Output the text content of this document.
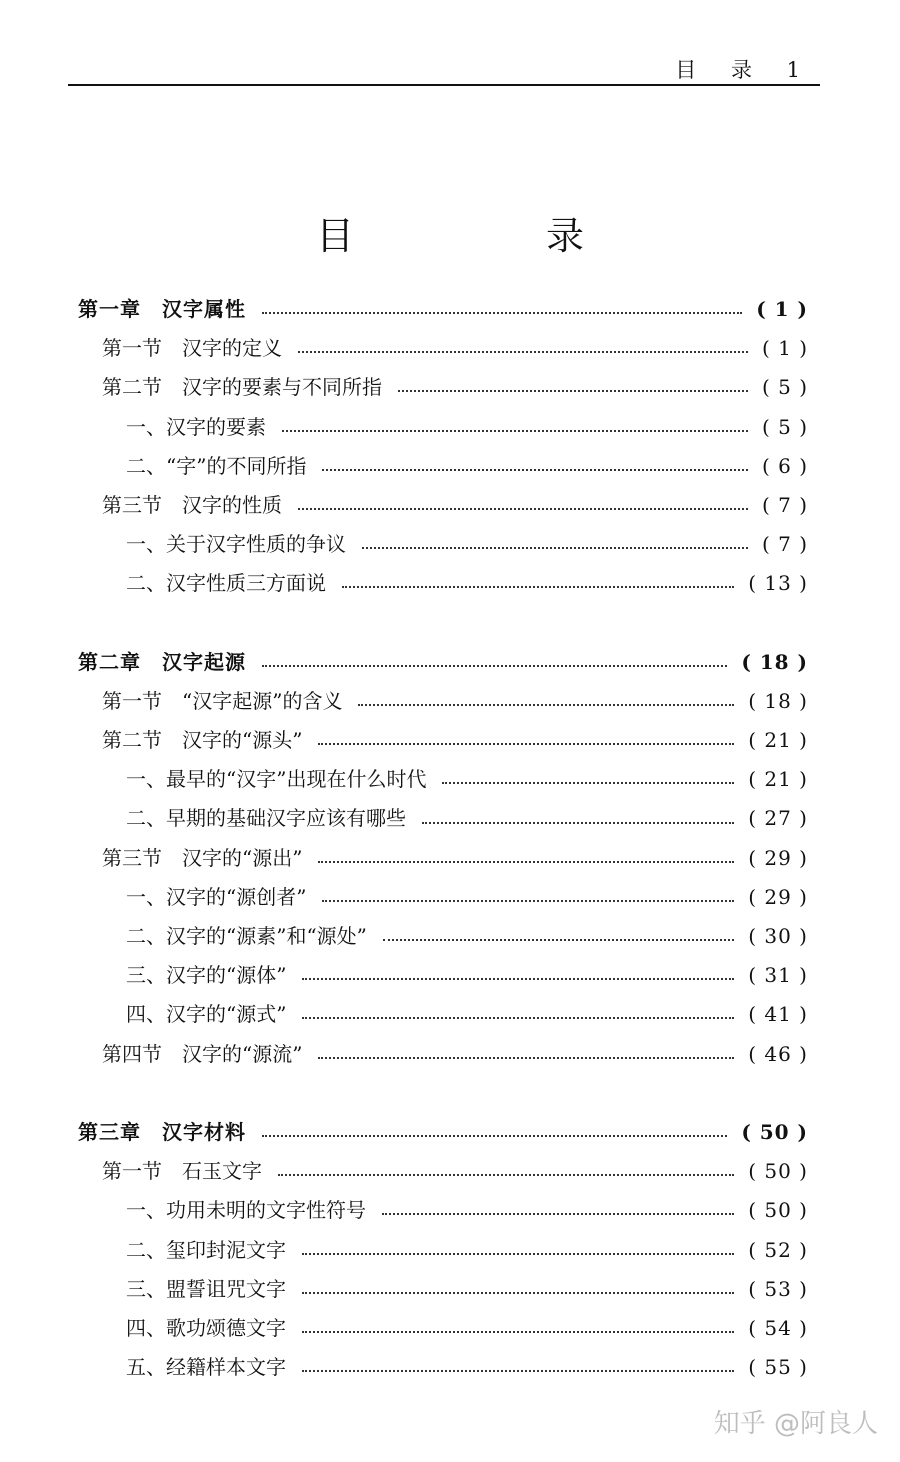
目 录 1
目 录
第一章　汉字属性	( 1 )
第一节　汉字的定义	( 1 )
第二节　汉字的要素与不同所指	( 5 )
一、汉字的要素	( 5 )
二、“字”的不同所指	( 6 )
第三节　汉字的性质	( 7 )
一、关于汉字性质的争议	( 7 )
二、汉字性质三方面说	( 13 )
第二章　汉字起源	( 18 )
第一节　“汉字起源”的含义	( 18 )
第二节　汉字的“源头”	( 21 )
一、最早的“汉字”出现在什么时代	( 21 )
二、早期的基础汉字应该有哪些	( 27 )
第三节　汉字的“源出”	( 29 )
一、汉字的“源创者”	( 29 )
二、汉字的“源素”和“源处”	( 30 )
三、汉字的“源体”	( 31 )
四、汉字的“源式”	( 41 )
第四节　汉字的“源流”	( 46 )
第三章　汉字材料	( 50 )
第一节　石玉文字	( 50 )
一、功用未明的文字性符号	( 50 )
二、玺印封泥文字	( 52 )
三、盟誓诅咒文字	( 53 )
四、歌功颂德文字	( 54 )
五、经籍样本文字	( 55 )
知乎 @阿良人
